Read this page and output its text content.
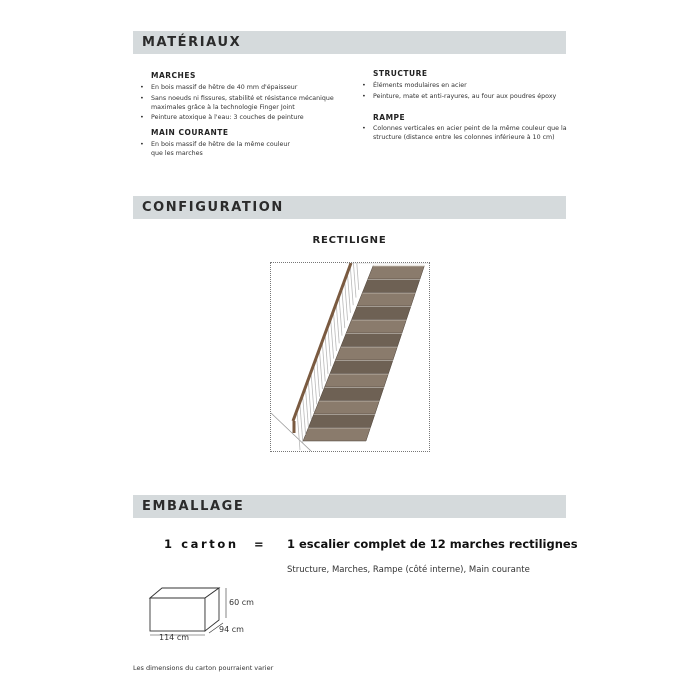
MATÉRIAUX
MARCHES
• En bois massif de hêtre de 40 mm d'épaisseur
• Sans noeuds ni fissures, stabilité et résistance mécanique maximales grâce à la technologie Finger Joint
• Peinture atoxique à l'eau: 3 couches de peinture
MAIN COURANTE
• En bois massif de hêtre de la même couleur que les marches
STRUCTURE
• Éléments modulaires en acier
• Peinture, mate et anti-rayures, au four aux poudres époxy
RAMPE
• Colonnes verticales en acier peint de la même couleur que la structure (distance entre les colonnes inférieure à 10 cm)
CONFIGURATION
RECTILIGNE
EMBALLAGE
1 carton = 1 escalier complet de 12 marches rectilignes
Structure, Marches, Rampe (côté interne), Main courante
60 cm
94 cm
114 cm
Les dimensions du carton pourraient varier
